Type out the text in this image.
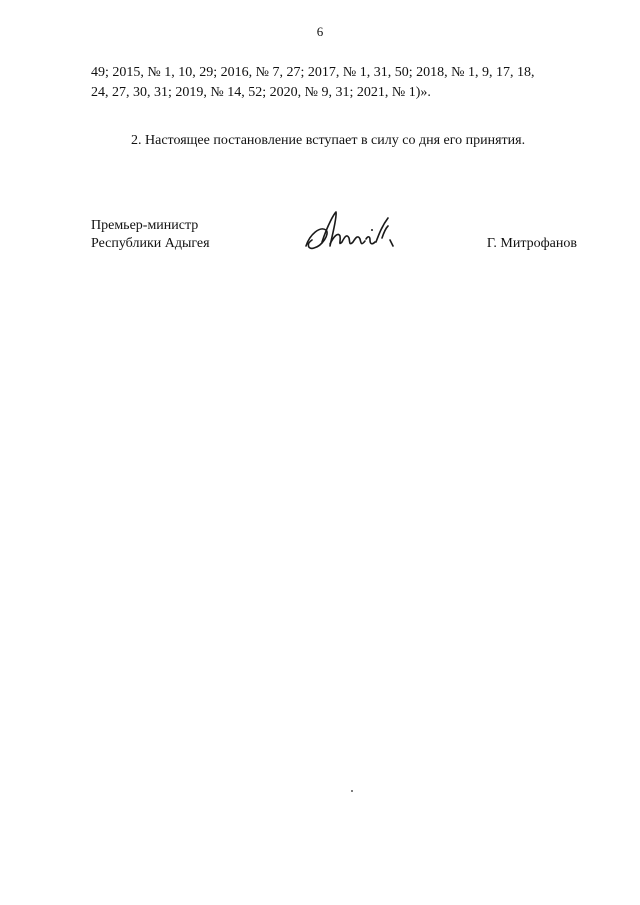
6
49; 2015, № 1, 10, 29; 2016, № 7, 27; 2017, № 1, 31, 50; 2018, № 1, 9, 17, 18,
24, 27, 30, 31; 2019, № 14, 52; 2020, № 9, 31; 2021, № 1)».
2. Настоящее постановление вступает в силу со дня его принятия.
Премьер-министр
Республики Адыгея	Г. Митрофанов
